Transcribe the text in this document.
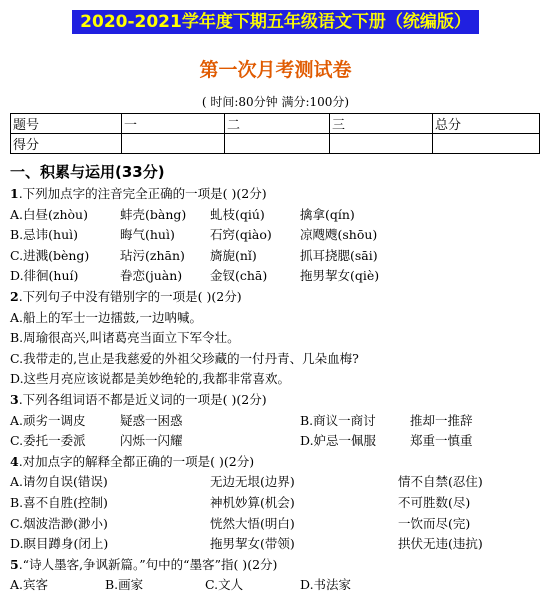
2020-2021学年度下期五年级语文下册（统编版）
第一次月考测试卷
( 时间:80分钟 满分:100分)
题号	一	二	三	总分
得分				
一、积累与运用(33分)
1.下列加点字的注音完全正确的一项是( )(2分)
A.白昼(zhòu)	蚌壳(bàng) 虬枝(qiú)	擒拿(qín)
B.忌讳(huì)	晦气(huì)	石窍(qiào) 凉飕飕(shōu)
C.进溅(bèng) 玷污(zhān) 旖旎(nǐ)	抓耳挠腮(sāi)
D.徘徊(huí)	眷恋(juàn) 金钗(chā)	拖男挈女(qiè)
2.下列句子中没有错别字的一项是( )(2分)
A.船上的军士一边擂鼓,一边呐喊。
B.周瑜很高兴,叫诸葛亮当面立下军令壮。
C.我带走的,岂止是我慈爱的外祖父珍藏的一付丹青、几朵血梅?
D.这些月亮应该说都是美妙绝轮的,我都非常喜欢。
3.下列各组词语不都是近义词的一项是( )(2分)
A.顽劣一调皮	疑惑一困惑	B.商议一商讨	推却一推辞
C.委托一委派	闪烁一闪耀	D.妒忌一佩服	郑重一慎重
4.对加点字的解释全都正确的一项是( )(2分)
A.请勿自误(错误)	无边无垠(边界)	情不自禁(忍住)
B.喜不自胜(控制)	神机妙算(机会)	不可胜数(尽)
C.烟波浩渺(渺小)	恍然大悟(明白)	一饮而尽(完)
D.瞑目蹲身(闭上)	拖男挈女(带领)	拱伏无违(违抗)
5.“诗人墨客,争讽新篇。”句中的“墨客”指( )(2分)
A.宾客	B.画家	C.文人	D.书法家
